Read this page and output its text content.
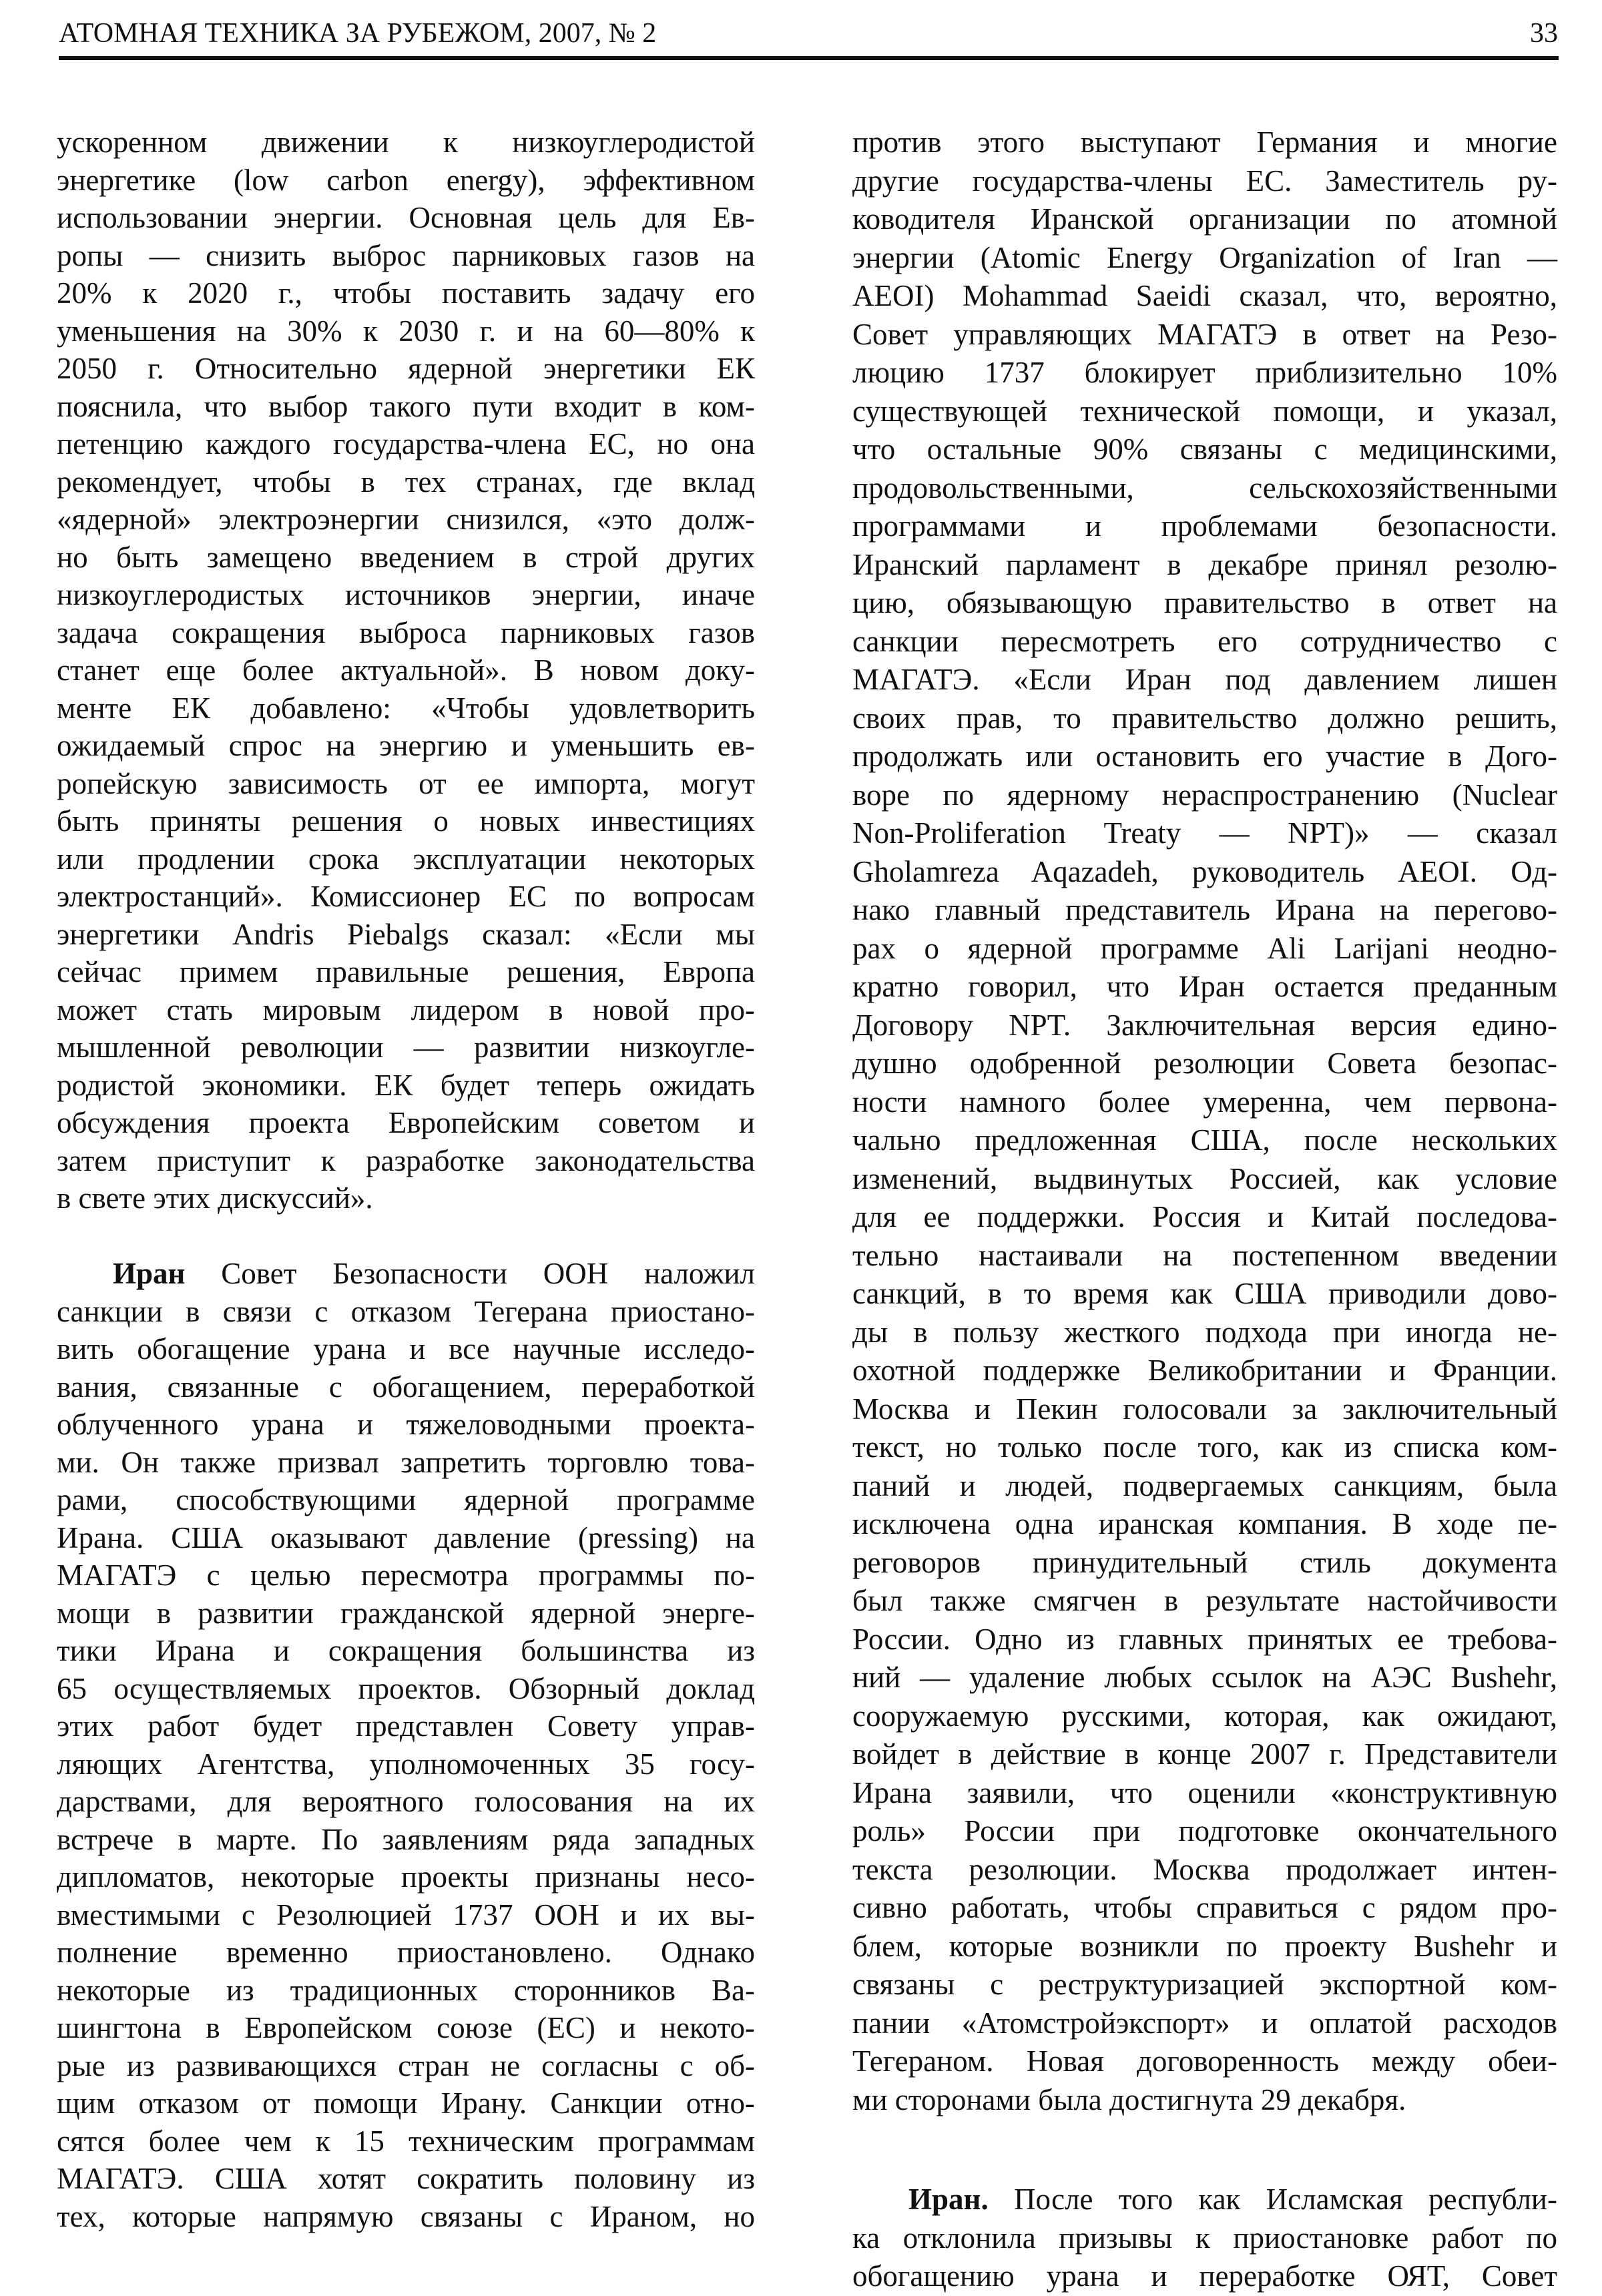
АТОМНАЯ ТЕХНИКА ЗА РУБЕЖОМ, 2007, № 2	33
ускоренном движении к низкоуглеродистой
энергетике (low carbon energy), эффективном
использовании энергии. Основная цель для Ев-
ропы — снизить выброс парниковых газов на
20% к 2020 г., чтобы поставить задачу его
уменьшения на 30% к 2030 г. и на 60—80% к
2050 г. Относительно ядерной энергетики ЕК
пояснила, что выбор такого пути входит в ком-
петенцию каждого государства-члена ЕС, но она
рекомендует, чтобы в тех странах, где вклад
«ядерной» электроэнергии снизился, «это долж-
но быть замещено введением в строй других
низкоуглеродистых источников энергии, иначе
задача сокращения выброса парниковых газов
станет еще более актуальной». В новом доку-
менте ЕК добавлено: «Чтобы удовлетворить
ожидаемый спрос на энергию и уменьшить ев-
ропейскую зависимость от ее импорта, могут
быть приняты решения о новых инвестициях
или продлении срока эксплуатации некоторых
электростанций». Комиссионер ЕС по вопросам
энергетики Andris Piebalgs сказал: «Если мы
сейчас примем правильные решения, Европа
может стать мировым лидером в новой про-
мышленной революции — развитии низкоугле-
родистой экономики. ЕК будет теперь ожидать
обсуждения проекта Европейским советом и
затем приступит к разработке законодательства
в свете этих дискуссий».
Иран Совет Безопасности ООН наложил
санкции в связи с отказом Тегерана приостано-
вить обогащение урана и все научные исследо-
вания, связанные с обогащением, переработкой
облученного урана и тяжеловодными проекта-
ми. Он также призвал запретить торговлю това-
рами, способствующими ядерной программе
Ирана. США оказывают давление (pressing) на
МАГАТЭ с целью пересмотра программы по-
мощи в развитии гражданской ядерной энерге-
тики Ирана и сокращения большинства из
65 осуществляемых проектов. Обзорный доклад
этих работ будет представлен Совету управ-
ляющих Агентства, уполномоченных 35 госу-
дарствами, для вероятного голосования на их
встрече в марте. По заявлениям ряда западных
дипломатов, некоторые проекты признаны несо-
вместимыми с Резолюцией 1737 ООН и их вы-
полнение временно приостановлено. Однако
некоторые из традиционных сторонников Ва-
шингтона в Европейском союзе (ЕС) и некото-
рые из развивающихся стран не согласны с об-
щим отказом от помощи Ирану. Санкции отно-
сятся более чем к 15 техническим программам
МАГАТЭ. США хотят сократить половину из
тех, которые напрямую связаны с Ираном, но
против этого выступают Германия и многие
другие государства-члены ЕС. Заместитель ру-
ководителя Иранской организации по атомной
энергии (Atomic Energy Organization of Iran —
AEOI) Mohammad Saeidi сказал, что, вероятно,
Совет управляющих МАГАТЭ в ответ на Резо-
люцию 1737 блокирует приблизительно 10%
существующей технической помощи, и указал,
что остальные 90% связаны с медицинскими,
продовольственными, сельскохозяйственными
программами и проблемами безопасности.
Иранский парламент в декабре принял резолю-
цию, обязывающую правительство в ответ на
санкции пересмотреть его сотрудничество с
МАГАТЭ. «Если Иран под давлением лишен
своих прав, то правительство должно решить,
продолжать или остановить его участие в Дого-
воре по ядерному нераспространению (Nuclear
Non-Proliferation Treaty — NPT)» — сказал
Gholamreza Aqazadeh, руководитель AEOI. Од-
нако главный представитель Ирана на перегово-
рах о ядерной программе Ali Larijani неодно-
кратно говорил, что Иран остается преданным
Договору NPT. Заключительная версия едино-
душно одобренной резолюции Совета безопас-
ности намного более умеренна, чем первона-
чально предложенная США, после нескольких
изменений, выдвинутых Россией, как условие
для ее поддержки. Россия и Китай последова-
тельно настаивали на постепенном введении
санкций, в то время как США приводили дово-
ды в пользу жесткого подхода при иногда не-
охотной поддержке Великобритании и Франции.
Москва и Пекин голосовали за заключительный
текст, но только после того, как из списка ком-
паний и людей, подвергаемых санкциям, была
исключена одна иранская компания. В ходе пе-
реговоров принудительный стиль документа
был также смягчен в результате настойчивости
России. Одно из главных принятых ее требова-
ний — удаление любых ссылок на АЭС Bushehr,
сооружаемую русскими, которая, как ожидают,
войдет в действие в конце 2007 г. Представители
Ирана заявили, что оценили «конструктивную
роль» России при подготовке окончательного
текста резолюции. Москва продолжает интен-
сивно работать, чтобы справиться с рядом про-
блем, которые возникли по проекту Bushehr и
связаны с реструктуризацией экспортной ком-
пании «Атомстройэкспорт» и оплатой расходов
Тегераном. Новая договоренность между обеи-
ми сторонами была достигнута 29 декабря.
Иран. После того как Исламская республи-
ка отклонила призывы к приостановке работ по
обогащению урана и переработке ОЯТ, Совет
